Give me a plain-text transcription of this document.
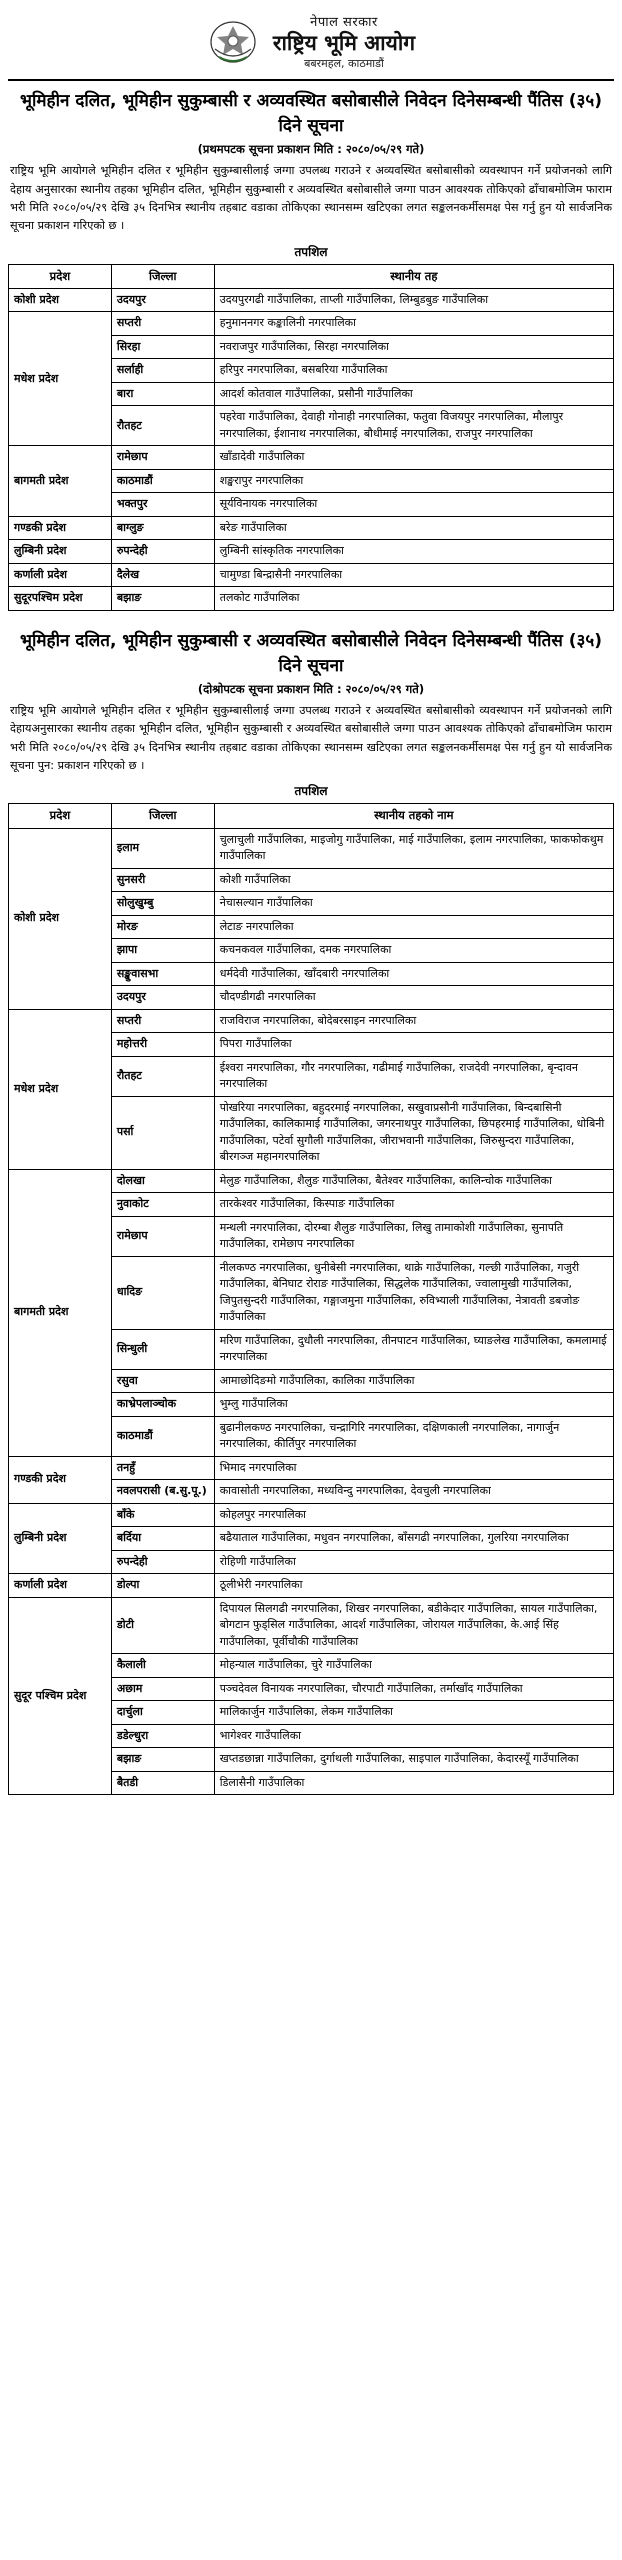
नेपाल सरकार
राष्ट्रिय भूमि आयोग
बबरमहल, काठमाडौं
भूमिहीन दलित, भूमिहीन सुकुम्बासी र अव्यवस्थित बसोबासीले निवेदन दिनेसम्बन्धी पैंतिस (३५) दिने सूचना
(प्रथमपटक सूचना प्रकाशन मिति : २०८०/०५/२९ गते)
राष्ट्रिय भूमि आयोगले भूमिहीन दलित र भूमिहीन सुकुम्बासीलाई जग्गा उपलब्ध गराउने र अव्यवस्थित बसोबासीको व्यवस्थापन गर्ने प्रयोजनको लागि देहाय अनुसारका स्थानीय तहका भूमिहीन दलित, भूमिहीन सुकुम्बासी र अव्यवस्थित बसोबासीले जग्गा पाउन आवश्यक तोकिएको ढाँचाबमोजिम फाराम भरी मिति २०८०/०५/२९ देखि ३५ दिनभित्र स्थानीय तहबाट वडाका तोकिएका स्थानसम्म खटिएका लगत सङ्कलनकर्मीसमक्ष पेस गर्नु हुन यो सार्वजनिक सूचना प्रकाशन गरिएको छ ।
तपशिल
प्रदेश	जिल्ला	स्थानीय तह
कोशी प्रदेश	उदयपुर	उदयपुरगढी गाउँपालिका, ताप्ली गाउँपालिका, लिम्बुडबुङ गाउँपालिका
मधेश प्रदेश	सप्तरी	हनुमाननगर कङ्कालिनी नगरपालिका
	सिरहा	नवराजपुर गाउँपालिका, सिरहा नगरपालिका
	सर्लाही	हरिपुर नगरपालिका, बसबरिया गाउँपालिका
	बारा	आदर्श कोतवाल गाउँपालिका, प्रसौनी गाउँपालिका
	रौतहट	पहरेवा गाउँपालिका, देवाही गोनाही नगरपालिका, फतुवा विजयपुर नगरपालिका, मौलापुर नगरपालिका, ईशानाथ नगरपालिका, बौधीमाई नगरपालिका, राजपुर नगरपालिका
बागमती प्रदेश	रामेछाप	खाँडादेवी गाउँपालिका
	काठमाडौं	शङ्खरापुर नगरपालिका
	भक्तपुर	सूर्यविनायक नगरपालिका
गण्डकी प्रदेश	बाग्लुङ	बरेङ गाउँपालिका
लुम्बिनी प्रदेश	रुपन्देही	लुम्बिनी सांस्कृतिक नगरपालिका
कर्णाली प्रदेश	दैलेख	चामुण्डा बिन्द्रासैनी नगरपालिका
सुदूरपश्चिम प्रदेश	बझाङ	तलकोट गाउँपालिका
भूमिहीन दलित, भूमिहीन सुकुम्बासी र अव्यवस्थित बसोबासीले निवेदन दिनेसम्बन्धी पैंतिस (३५) दिने सूचना
(दोश्रोपटक सूचना प्रकाशन मिति : २०८०/०५/२९ गते)
राष्ट्रिय भूमि आयोगले भूमिहीन दलित र भूमिहीन सुकुम्बासीलाई जग्गा उपलब्ध गराउने र अव्यवस्थित बसोबासीको व्यवस्थापन गर्ने प्रयोजनको लागि देहायअनुसारका स्थानीय तहका भूमिहीन दलित, भूमिहीन सुकुम्बासी र अव्यवस्थित बसोबासीले जग्गा पाउन आवश्यक तोकिएको ढाँचाबमोजिम फाराम भरी मिति २०८०/०५/२९ देखि ३५ दिनभित्र स्थानीय तहबाट वडाका तोकिएका स्थानसम्म खटिएका लगत सङ्कलनकर्मीसमक्ष पेस गर्नु हुन यो सार्वजनिक सूचना पुन: प्रकाशन गरिएको छ ।
तपशिल
प्रदेश	जिल्ला	स्थानीय तहको नाम
कोशी प्रदेश	इलाम	चुलाचुली गाउँपालिका, माइजोगु गाउँपालिका, माई गाउँपालिका, इलाम नगरपालिका, फाकफोकथुम गाउँपालिका
	सुनसरी	कोशी गाउँपालिका
	सोलुखुम्बु	नेचासल्यान गाउँपालिका
	मोरङ	लेटाङ नगरपालिका
	झापा	कचनकवल गाउँपालिका, दमक नगरपालिका
	सङ्खुवासभा	धर्मदेवी गाउँपालिका, खाँदबारी नगरपालिका
	उदयपुर	चौदण्डीगढी नगरपालिका
मधेश प्रदेश	सप्तरी	राजविराज नगरपालिका, बोदेबरसाइन नगरपालिका
	महोत्तरी	पिपरा गाउँपालिका
	रौतहट	ईश्वरा नगरपालिका, गौर नगरपालिका, गढीमाई गाउँपालिका, राजदेवी नगरपालिका, बृन्दावन नगरपालिका
	पर्सा	पोखरिया नगरपालिका, बहुदरमाई नगरपालिका, सखुवाप्रसौनी गाउँपालिका, बिन्दबासिनी गाउँपालिका, कालिकामाई गाउँपालिका, जगरनाथपुर गाउँपालिका, छिपहरमाई गाउँपालिका, धोबिनी गाउँपालिका, पटेर्वा सुगौली गाउँपालिका, जीराभवानी गाउँपालिका, जिरुसुन्दरा गाउँपालिका, बीरगञ्ज महानगरपालिका
बागमती प्रदेश	दोलखा	मेलुङ गाउँपालिका, शैलुङ गाउँपालिका, बैतेश्वर गाउँपालिका, कालिन्चोक गाउँपालिका
	नुवाकोट	तारकेश्वर गाउँपालिका, किस्पाङ गाउँपालिका
	रामेछाप	मन्थली नगरपालिका, दोरम्बा शैलुङ गाउँपालिका, लिखु तामाकोशी गाउँपालिका, सुनापति गाउँपालिका, रामेछाप नगरपालिका
	धादिङ	नीलकण्ठ नगरपालिका, धुनीबेसी नगरपालिका, थाक्रे गाउँपालिका, गल्छी गाउँपालिका, गजुरी गाउँपालिका, बेनिघाट रोराङ गाउँपालिका, सिद्धलेक गाउँपालिका, ज्वालामुखी गाउँपालिका, जिपुतसुन्दरी गाउँपालिका, गङ्गाजमुना गाउँपालिका, रुविभ्याली गाउँपालिका, नेत्रावती डबजोङ गाउँपालिका
	सिन्धुली	मरिण गाउँपालिका, दुधौली नगरपालिका, तीनपाटन गाउँपालिका, घ्याङलेख गाउँपालिका, कमलामाई नगरपालिका
	रसुवा	आमाछोदिङमो गाउँपालिका, कालिका गाउँपालिका
	काभ्रेपलाञ्चोक	भुम्लु गाउँपालिका
	काठमाडौं	बुढानीलकण्ठ नगरपालिका, चन्द्रागिरि नगरपालिका, दक्षिणकाली नगरपालिका, नागार्जुन नगरपालिका, कीर्तिपुर नगरपालिका
गण्डकी प्रदेश	तनहुँ	भिमाद नगरपालिका
	नवलपरासी (ब.सु.पू.)	कावासोती नगरपालिका, मध्यविन्दु नगरपालिका, देवचुली नगरपालिका
लुम्बिनी प्रदेश	बाँके	कोहलपुर नगरपालिका
	बर्दिया	बढैयाताल गाउँपालिका, मधुवन नगरपालिका, बाँसगढी नगरपालिका, गुलरिया नगरपालिका
	रुपन्देही	रोहिणी गाउँपालिका
कर्णाली प्रदेश	डोल्पा	ठूलीभेरी नगरपालिका
सुदूर पश्चिम प्रदेश	डोटी	दिपायल सिलगढी नगरपालिका, शिखर नगरपालिका, बडीकेदार गाउँपालिका, सायल गाउँपालिका, बोगटान फुड्सिल गाउँपालिका, आदर्श गाउँपालिका, जोरायल गाउँपालिका, के.आई सिंह गाउँपालिका, पूर्वीचौकी गाउँपालिका
	कैलाली	मोहन्याल गाउँपालिका, चुरे गाउँपालिका
	अछाम	पञ्चदेवल विनायक नगरपालिका, चौरपाटी गाउँपालिका, तर्माखाँद गाउँपालिका
	दार्चुला	मालिकार्जुन गाउँपालिका, लेकम गाउँपालिका
	डडेल्धुरा	भागेश्वर गाउँपालिका
	बझाङ	खप्तडछान्ना गाउँपालिका, दुर्गाथली गाउँपालिका, साइपाल गाउँपालिका, केदारस्यूँ गाउँपालिका
	बैतडी	डिलासैनी गाउँपालिका
